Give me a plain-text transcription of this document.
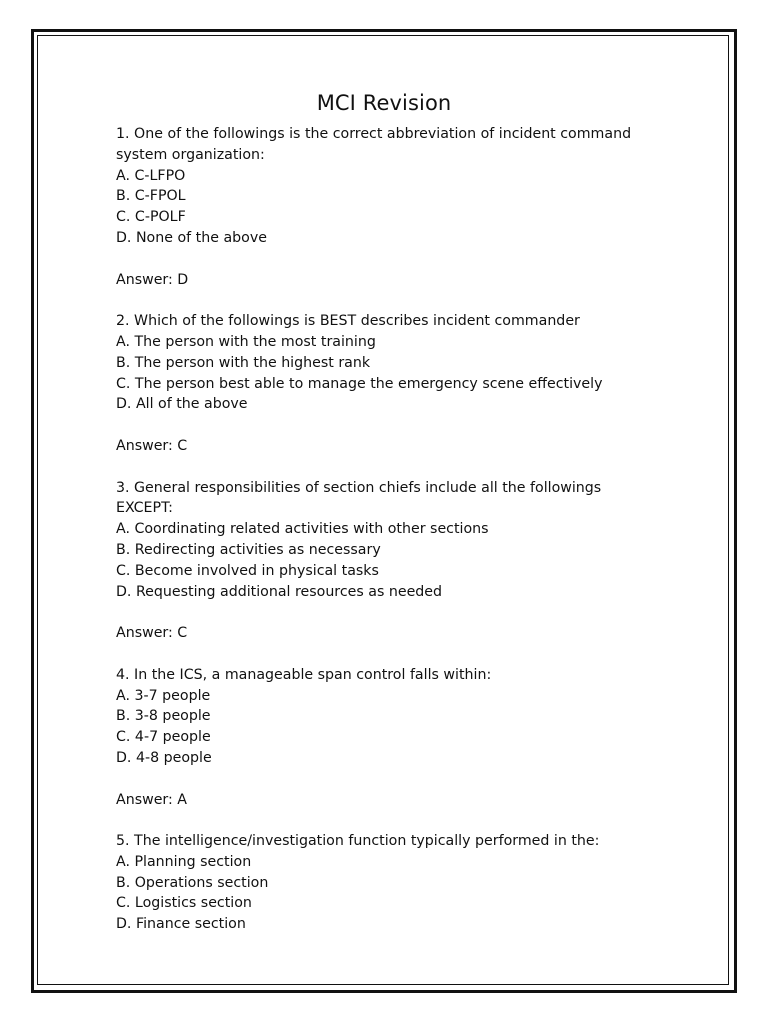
MCI Revision
1. One of the followings is the correct abbreviation of incident command
system organization:
A. C-LFPO
B. C-FPOL
C. C-POLF
D. None of the above
Answer: D
2. Which of the followings is BEST describes incident commander
A. The person with the most training
B. The person with the highest rank
C. The person best able to manage the emergency scene effectively
D. All of the above
Answer: C
3. General responsibilities of section chiefs include all the followings
EXCEPT:
A. Coordinating related activities with other sections
B. Redirecting activities as necessary
C. Become involved in physical tasks
D. Requesting additional resources as needed
Answer: C
4. In the ICS, a manageable span control falls within:
A. 3-7 people
B. 3-8 people
C. 4-7 people
D. 4-8 people
Answer: A
5. The intelligence/investigation function typically performed in the:
A. Planning section
B. Operations section
C. Logistics section
D. Finance section
